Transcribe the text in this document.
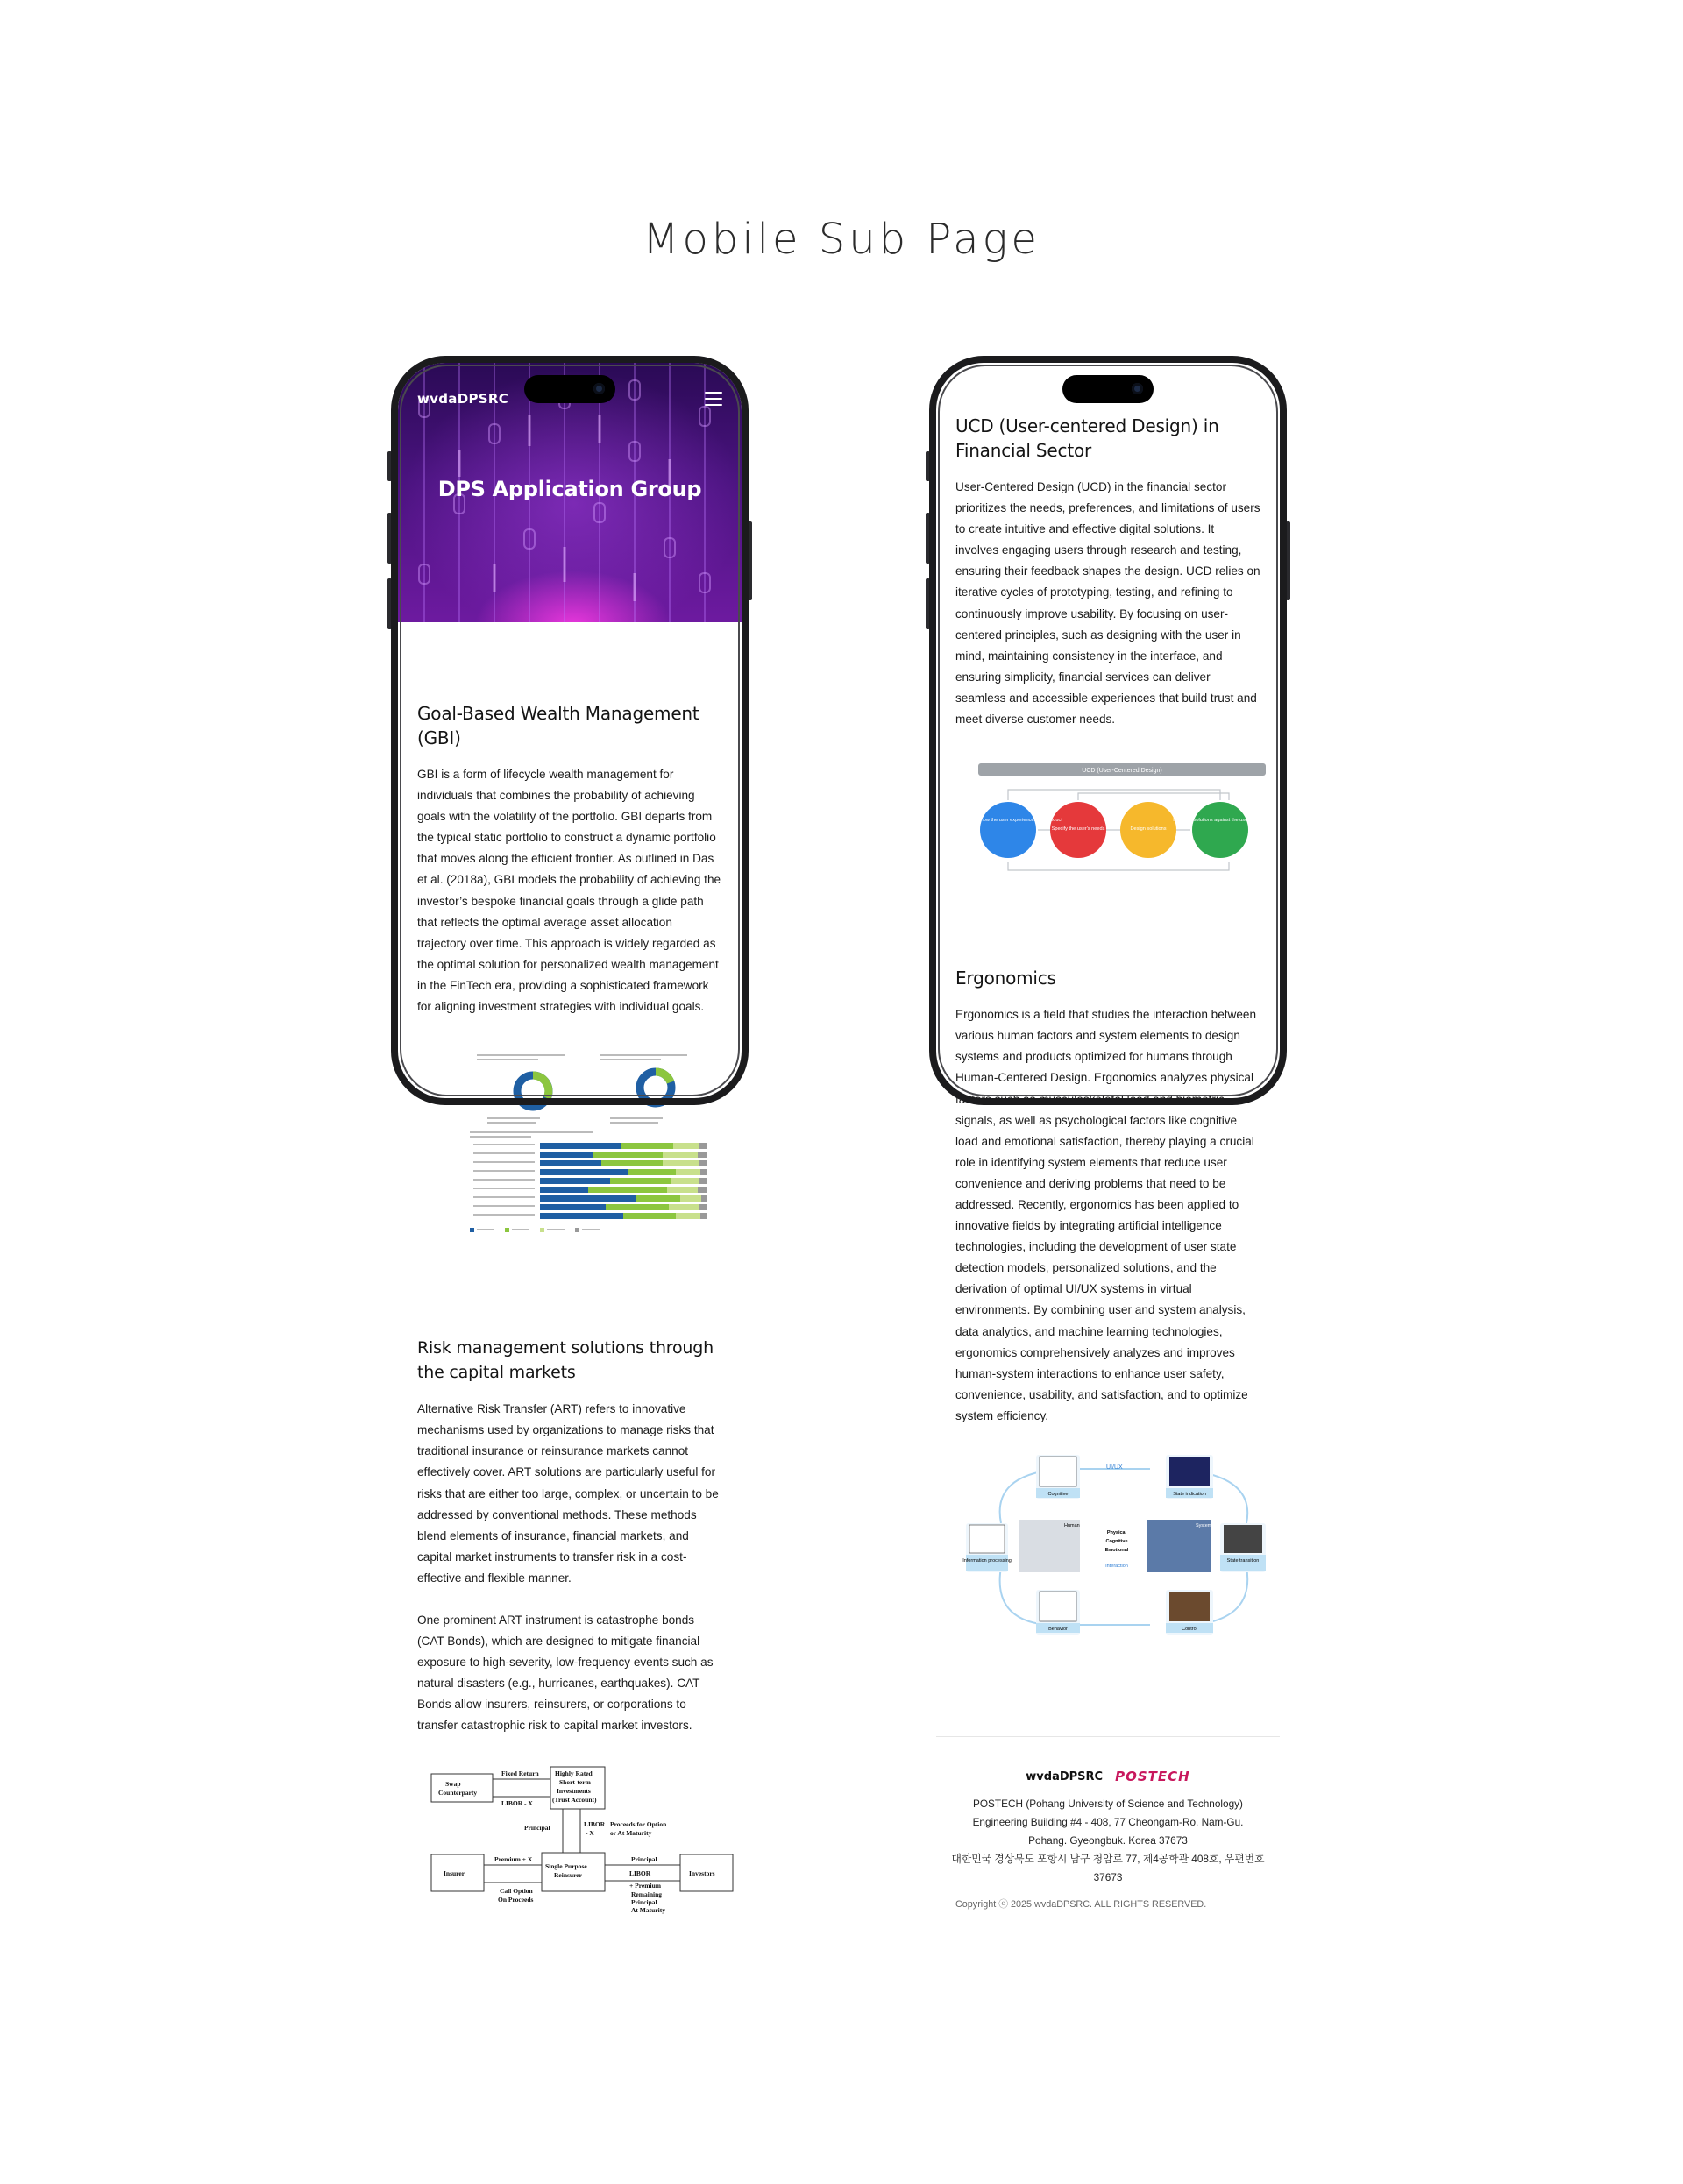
Mobile Sub Page
wvdaDPSRC
DPS Application Group
Goal-Based Wealth Management (GBI)

GBI is a form of lifecycle wealth management for individuals that combines the probability of achieving goals with the volatility of the portfolio. GBI departs from the typical static portfolio to construct a dynamic portfolio that moves along the efficient frontier. As outlined in Das et al. (2018a), GBI models the probability of achieving the investor’s bespoke financial goals through a glide path that reflects the optimal average asset allocation trajectory over time. This approach is widely regarded as the optimal solution for personalized wealth management in the FinTech era, providing a sophisticated framework for aligning investment strategies with individual goals.

Risk management solutions through the capital markets

Alternative Risk Transfer (ART) refers to innovative mechanisms used by organizations to manage risks that traditional insurance or reinsurance markets cannot effectively cover. ART solutions are particularly useful for risks that are either too large, complex, or uncertain to be addressed by conventional methods. These methods blend elements of insurance, financial markets, and capital market instruments to transfer risk in a cost-effective and flexible manner.

One prominent ART instrument is catastrophe bonds (CAT Bonds), which are designed to mitigate financial exposure to high-severity, low-frequency events such as natural disasters (e.g., hurricanes, earthquakes). CAT Bonds allow insurers, reinsurers, or corporations to transfer catastrophic risk to capital market investors.

Swap
Counterparty
Highly Rated
Short-term
Investments
(Trust Account)
Insurer
Single Purpose
Reinsurer	Investors
Fixed Return
LIBOR - X
Principal	LIBOR
- X
Proceeds for Option
or At Maturity
Premium + X
Call Option
On Proceeds
Principal
LIBOR
+ Premium
Remaining
Principal
At Maturity
UCD (User-centered Design) in Financial Sector

User-Centered Design (UCD) in the financial sector prioritizes the needs, preferences, and limitations of users to create intuitive and effective digital solutions. It involves engaging users through research and testing, ensuring their feedback shapes the design. UCD relies on iterative cycles of prototyping, testing, and refining to continuously improve usability. By focusing on user-centered principles, such as designing with the user in mind, maintaining consistency in the interface, and ensuring simplicity, financial services can deliver seamless and accessible experiences that build trust and meet diverse customer needs.

UCD (User-Centered Design)
Understand how the user experiences the product
Specify the user's needs	Design solutions
Evaluate solutions against the user's needs
Ergonomics

Ergonomics is a field that studies the interaction between various human factors and system elements to design systems and products optimized for humans through Human-Centered Design. Ergonomics analyzes physical factors such as musculoskeletal load and biometric signals, as well as psychological factors like cognitive load and emotional satisfaction, thereby playing a crucial role in identifying system elements that reduce user convenience and deriving problems that need to be addressed. Recently, ergonomics has been applied to innovative fields by integrating artificial intelligence technologies, including the development of user state detection models, personalized solutions, and the derivation of optimal UI/UX systems in virtual environments. By combining user and system analysis, data analytics, and machine learning technologies, ergonomics comprehensively analyzes and improves human-system interactions to enhance user safety, convenience, usability, and satisfaction, and to optimize system efficiency.

Cognitive
UI/UX
State indication
Information processing
Human
Physical
Cognitive
Emotional
Interaction
System
State transition
Behavior	Control
wvdaDPSRC POSTECH
POSTECH (Pohang University of Science and Technology)
Engineering Building #4 - 408, 77 Cheongam-Ro. Nam-Gu.
Pohang. Gyeongbuk. Korea 37673
대한민국 경상북도 포항시 남구 청암로 77, 제4공학관 408호, 우편번호
37673
Copyright ⓒ 2025 wvdaDPSRC. ALL RIGHTS RESERVED.
